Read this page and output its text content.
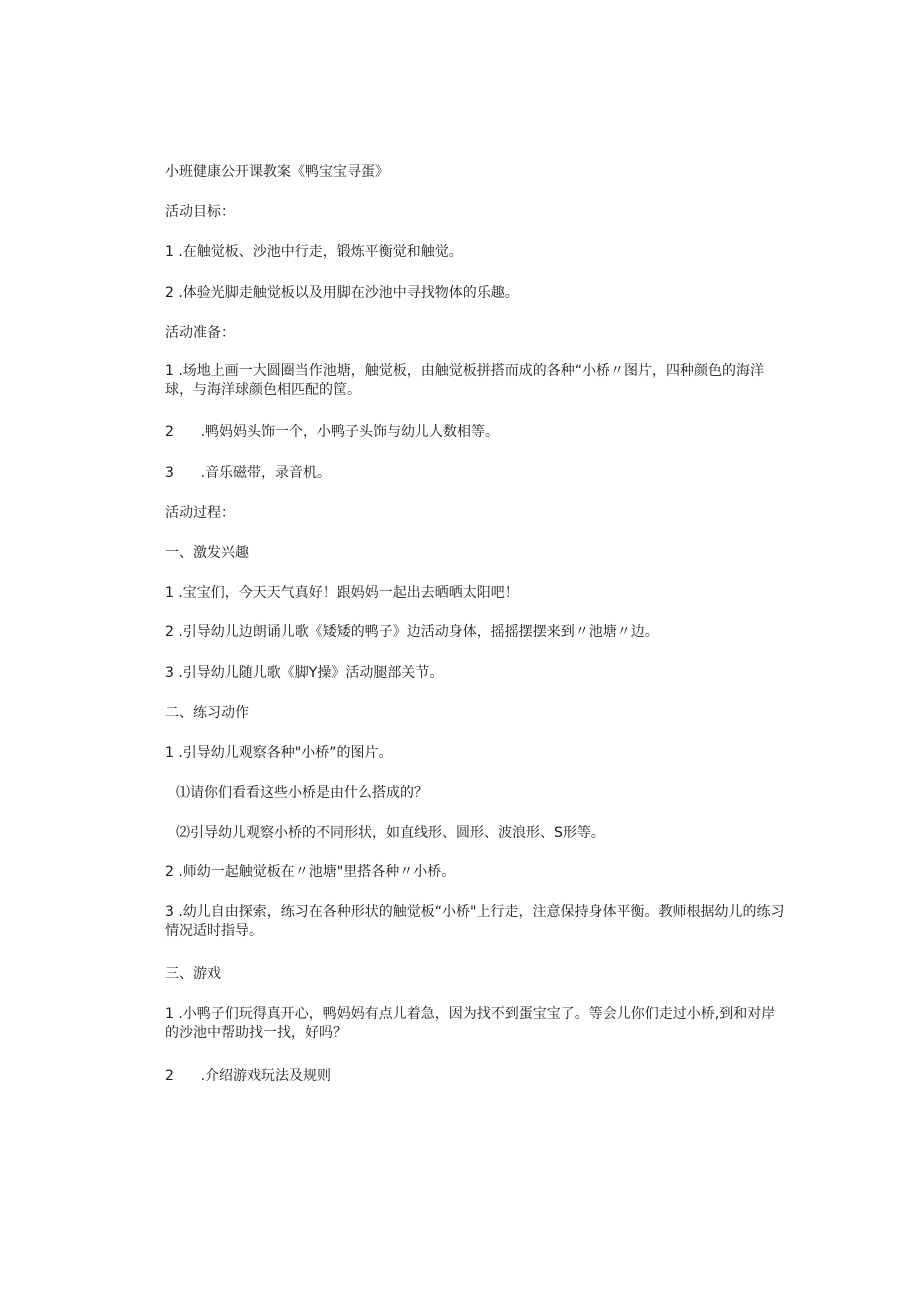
小班健康公开课教案《鸭宝宝寻蛋》
活动目标：
1 .在触觉板、沙池中行走，锻炼平衡觉和触觉。
2 .体验光脚走触觉板以及用脚在沙池中寻找物体的乐趣。
活动准备：
1 .场地上画一大圆圈当作池塘，触觉板，由触觉板拼搭而成的各种“小桥〃图片，四种颜色的海洋球，与海洋球颜色相匹配的筐。
2      .鸭妈妈头饰一个，小鸭子头饰与幼儿人数相等。
3      .音乐磁带，录音机。
活动过程：
一、激发兴趣
1 .宝宝们，今天天气真好！跟妈妈一起出去晒晒太阳吧！
2 .引导幼儿边朗诵儿歌《矮矮的鸭子》边活动身体，摇摇摆摆来到〃池塘〃边。
3 .引导幼儿随儿歌《脚Y操》活动腿部关节。
二、练习动作
1 .引导幼儿观察各种"小桥”的图片。
⑴请你们看看这些小桥是由什么搭成的？
⑵引导幼儿观察小桥的不同形状，如直线形、圆形、波浪形、S形等。
2 .师幼一起触觉板在〃池塘"里搭各种〃小桥。
3 .幼儿自由探索，练习在各种形状的触觉板“小桥"上行走，注意保持身体平衡。教师根据幼儿的练习情况适时指导。
三、游戏
1 .小鸭子们玩得真开心，鸭妈妈有点儿着急，因为找不到蛋宝宝了。等会儿你们走过小桥,到和对岸的沙池中帮助找一找，好吗？
2      .介绍游戏玩法及规则
